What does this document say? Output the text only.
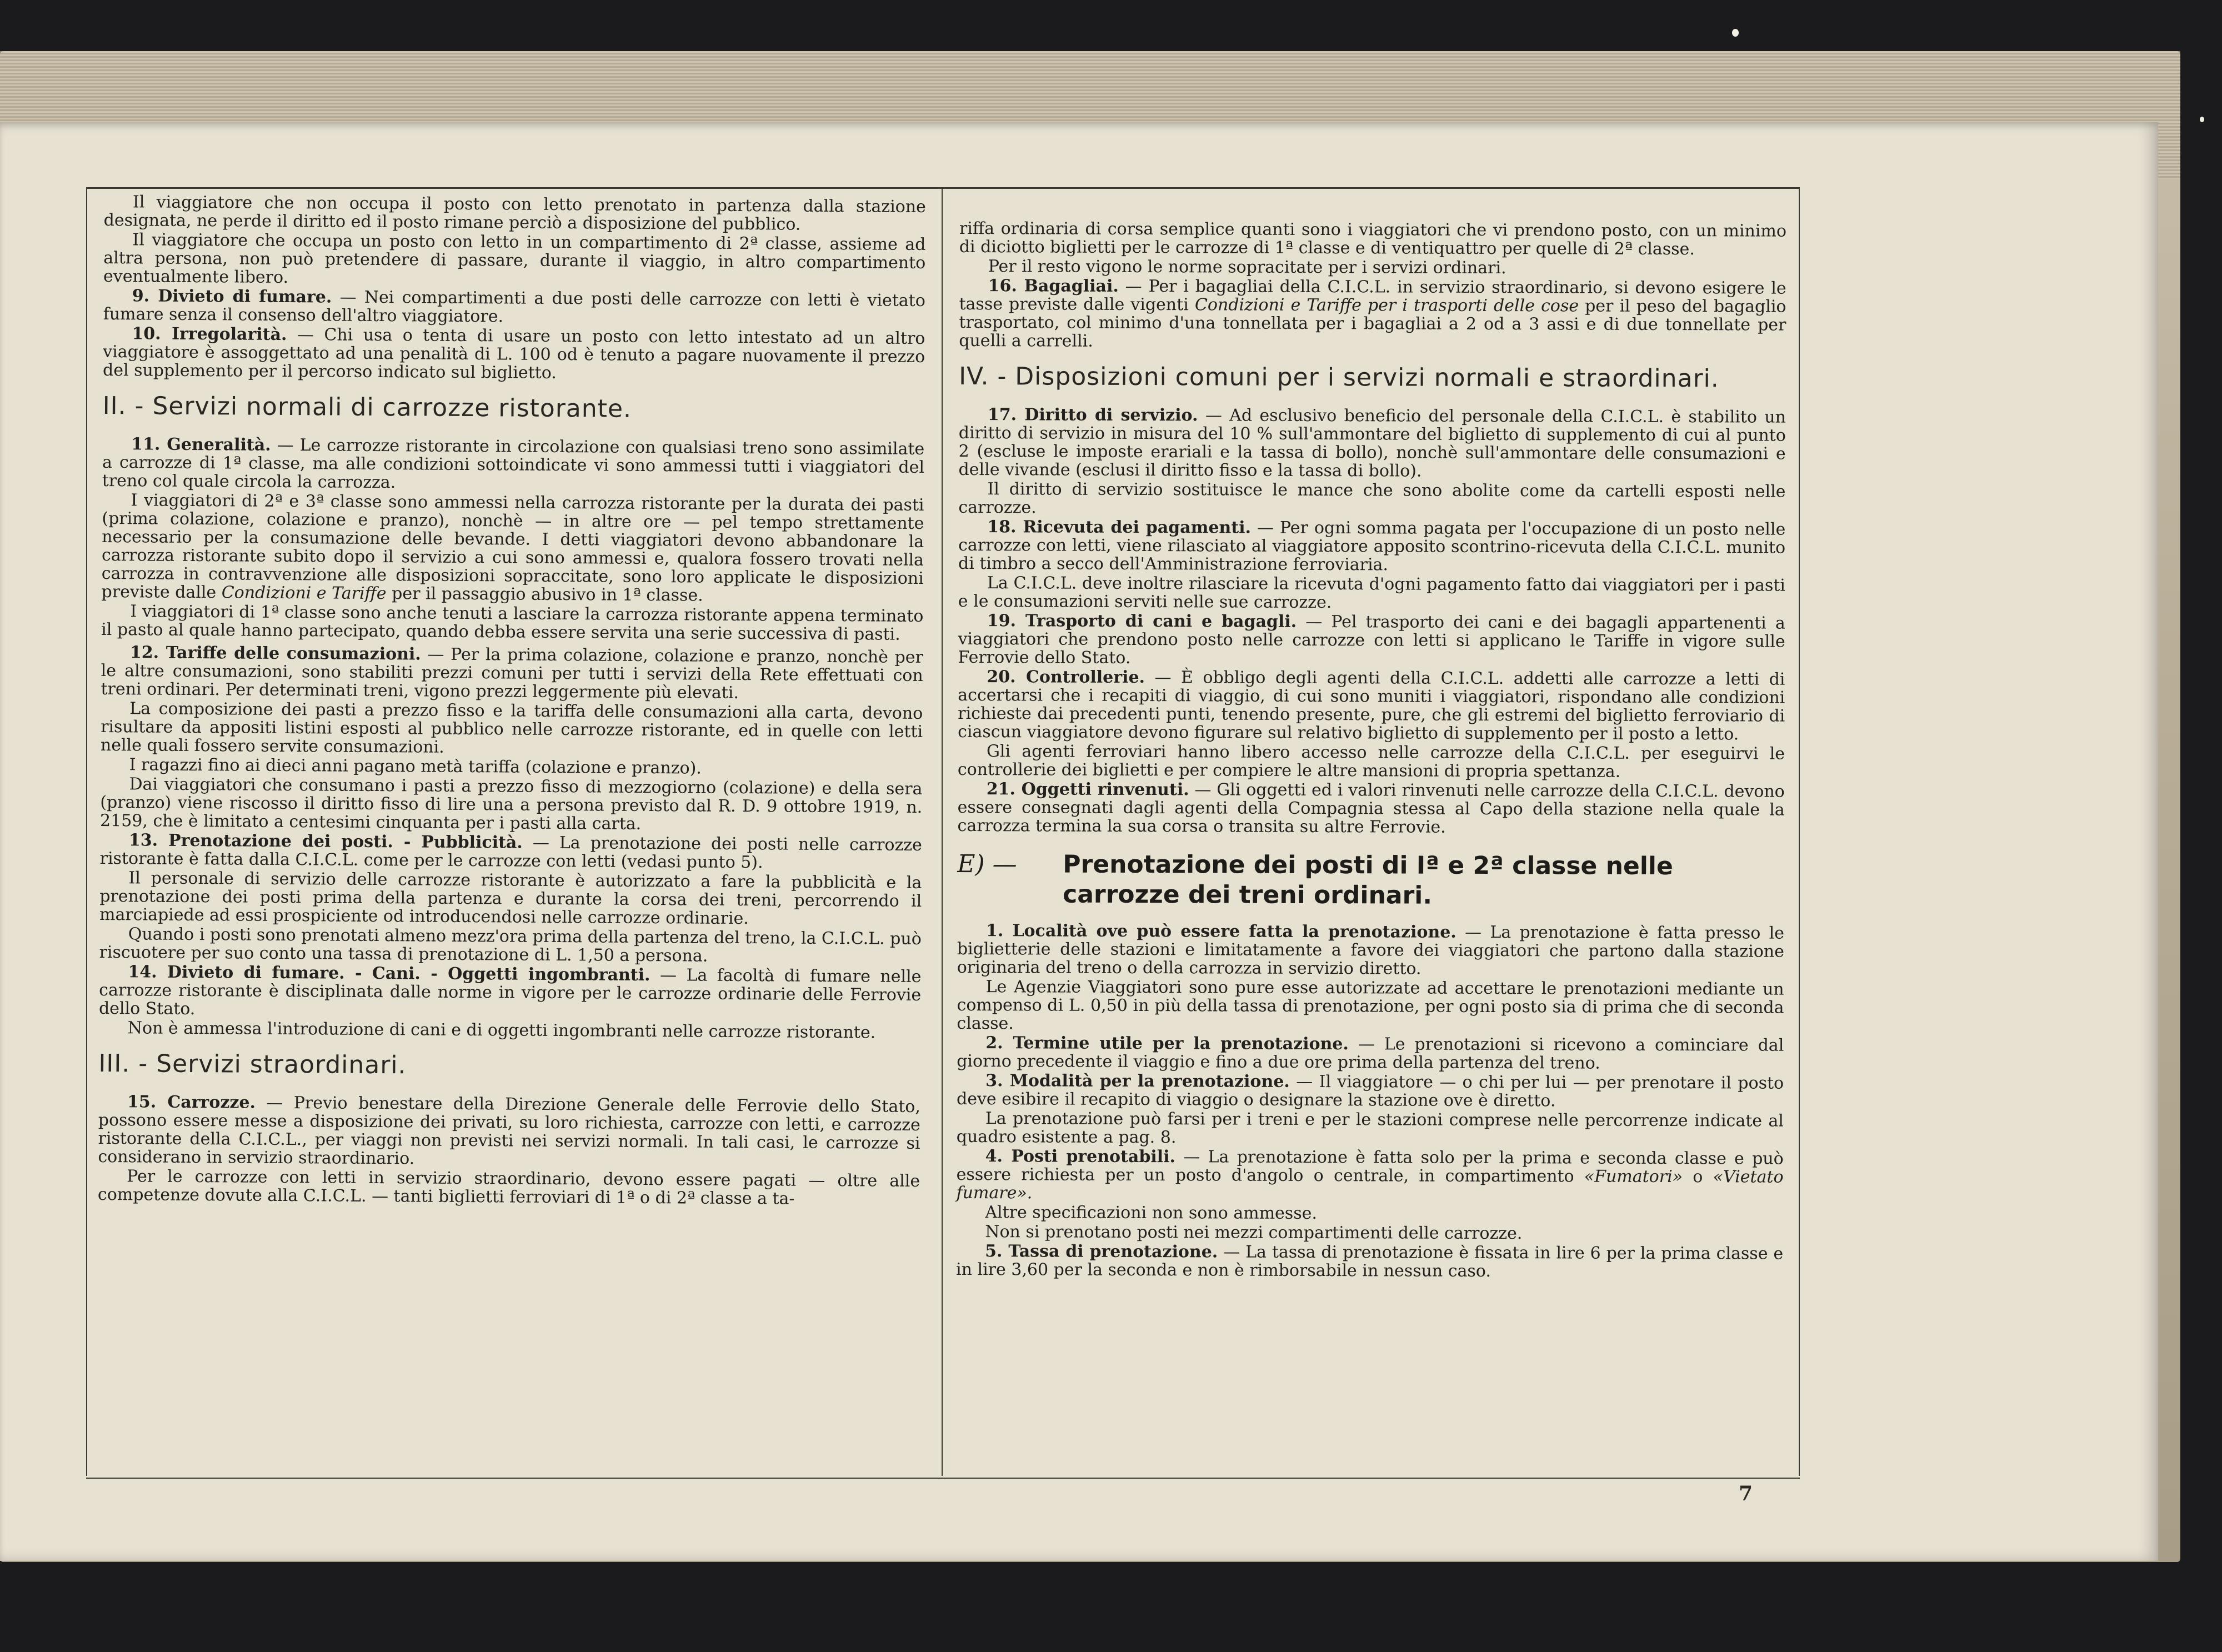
Il viaggiatore che non occupa il posto con letto prenotato in partenza dalla stazione designata, ne perde il diritto ed il posto rimane perciò a disposizione del pubblico.

Il viaggiatore che occupa un posto con letto in un compartimento di 2ª classe, assieme ad altra persona, non può pretendere di passare, durante il viaggio, in altro compartimento eventualmente libero.

9. Divieto di fumare. — Nei compartimenti a due posti delle carrozze con letti è vietato fumare senza il consenso dell'altro viaggiatore.

10. Irregolarità. — Chi usa o tenta di usare un posto con letto intestato ad un altro viaggiatore è assoggettato ad una penalità di L. 100 od è tenuto a pagare nuovamente il prezzo del supplemento per il percorso indicato sul biglietto.

II. - Servizi normali di carrozze ristorante.

11. Generalità. — Le carrozze ristorante in circolazione con qualsiasi treno sono assimilate a carrozze di 1ª classe, ma alle condizioni sottoindicate vi sono ammessi tutti i viaggiatori del treno col quale circola la carrozza.

I viaggiatori di 2ª e 3ª classe sono ammessi nella carrozza ristorante per la durata dei pasti (prima colazione, colazione e pranzo), nonchè — in altre ore — pel tempo strettamente necessario per la consumazione delle bevande. I detti viaggiatori devono abbandonare la carrozza ristorante subito dopo il servizio a cui sono ammessi e, qualora fossero trovati nella carrozza in contravvenzione alle disposizioni sopraccitate, sono loro applicate le disposizioni previste dalle Condizioni e Tariffe per il passaggio abusivo in 1ª classe.

I viaggiatori di 1ª classe sono anche tenuti a lasciare la carrozza ristorante appena terminato il pasto al quale hanno partecipato, quando debba essere servita una serie successiva di pasti.

12. Tariffe delle consumazioni. — Per la prima colazione, colazione e pranzo, nonchè per le altre consumazioni, sono stabiliti prezzi comuni per tutti i servizi della Rete effettuati con treni ordinari. Per determinati treni, vigono prezzi leggermente più elevati.

La composizione dei pasti a prezzo fisso e la tariffa delle consumazioni alla carta, devono risultare da appositi listini esposti al pubblico nelle carrozze ristorante, ed in quelle con letti nelle quali fossero servite consumazioni.

I ragazzi fino ai dieci anni pagano metà tariffa (colazione e pranzo).

Dai viaggiatori che consumano i pasti a prezzo fisso di mezzogiorno (colazione) e della sera (pranzo) viene riscosso il diritto fisso di lire una a persona previsto dal R. D. 9 ottobre 1919, n. 2159, che è limitato a centesimi cinquanta per i pasti alla carta.

13. Prenotazione dei posti. - Pubblicità. — La prenotazione dei posti nelle carrozze ristorante è fatta dalla C.I.C.L. come per le carrozze con letti (vedasi punto 5).

Il personale di servizio delle carrozze ristorante è autorizzato a fare la pubblicità e la prenotazione dei posti prima della partenza e durante la corsa dei treni, percorrendo il marciapiede ad essi prospiciente od introducendosi nelle carrozze ordinarie.

Quando i posti sono prenotati almeno mezz'ora prima della partenza del treno, la C.I.C.L. può riscuotere per suo conto una tassa di prenotazione di L. 1,50 a persona.

14. Divieto di fumare. - Cani. - Oggetti ingombranti. — La facoltà di fumare nelle carrozze ristorante è disciplinata dalle norme in vigore per le carrozze ordinarie delle Ferrovie dello Stato.

Non è ammessa l'introduzione di cani e di oggetti ingombranti nelle carrozze ristorante.

III. - Servizi straordinari.

15. Carrozze. — Previo benestare della Direzione Generale delle Ferrovie dello Stato, possono essere messe a disposizione dei privati, su loro richiesta, carrozze con letti, e carrozze ristorante della C.I.C.L., per viaggi non previsti nei servizi normali. In tali casi, le carrozze si considerano in servizio straordinario.

Per le carrozze con letti in servizio straordinario, devono essere pagati — oltre alle competenze dovute alla C.I.C.L. — tanti biglietti ferroviari di 1ª o di 2ª classe a ta-

riffa ordinaria di corsa semplice quanti sono i viaggiatori che vi prendono posto, con un minimo di diciotto biglietti per le carrozze di 1ª classe e di ventiquattro per quelle di 2ª classe.

Per il resto vigono le norme sopracitate per i servizi ordinari.

16. Bagagliai. — Per i bagagliai della C.I.C.L. in servizio straordinario, si devono esigere le tasse previste dalle vigenti Condizioni e Tariffe per i trasporti delle cose per il peso del bagaglio trasportato, col minimo d'una tonnellata per i bagagliai a 2 od a 3 assi e di due tonnellate per quelli a carrelli.

IV. - Disposizioni comuni per i servizi normali e straordinari.

17. Diritto di servizio. — Ad esclusivo beneficio del personale della C.I.C.L. è stabilito un diritto di servizio in misura del 10 % sull'ammontare del biglietto di supplemento di cui al punto 2 (escluse le imposte erariali e la tassa di bollo), nonchè sull'ammontare delle consumazioni e delle vivande (esclusi il diritto fisso e la tassa di bollo).

Il diritto di servizio sostituisce le mance che sono abolite come da cartelli esposti nelle carrozze.

18. Ricevuta dei pagamenti. — Per ogni somma pagata per l'occupazione di un posto nelle carrozze con letti, viene rilasciato al viaggiatore apposito scontrino-ricevuta della C.I.C.L. munito di timbro a secco dell'Amministrazione ferroviaria.

La C.I.C.L. deve inoltre rilasciare la ricevuta d'ogni pagamento fatto dai viaggiatori per i pasti e le consumazioni serviti nelle sue carrozze.

19. Trasporto di cani e bagagli. — Pel trasporto dei cani e dei bagagli appartenenti a viaggiatori che prendono posto nelle carrozze con letti si applicano le Tariffe in vigore sulle Ferrovie dello Stato.

20. Controllerie. — È obbligo degli agenti della C.I.C.L. addetti alle carrozze a letti di accertarsi che i recapiti di viaggio, di cui sono muniti i viaggiatori, rispondano alle condizioni richieste dai precedenti punti, tenendo presente, pure, che gli estremi del biglietto ferroviario di ciascun viaggiatore devono figurare sul relativo biglietto di supplemento per il posto a letto.

Gli agenti ferroviari hanno libero accesso nelle carrozze della C.I.C.L. per eseguirvi le controllerie dei biglietti e per compiere le altre mansioni di propria spettanza.

21. Oggetti rinvenuti. — Gli oggetti ed i valori rinvenuti nelle carrozze della C.I.C.L. devono essere consegnati dagli agenti della Compagnia stessa al Capo della stazione nella quale la carrozza termina la sua corsa o transita su altre Ferrovie.

E) —	Prenotazione dei posti di Iª e 2ª classe nelle carrozze dei treni ordinari.

1. Località ove può essere fatta la prenotazione. — La prenotazione è fatta presso le biglietterie delle stazioni e limitatamente a favore dei viaggiatori che partono dalla stazione originaria del treno o della carrozza in servizio diretto.

Le Agenzie Viaggiatori sono pure esse autorizzate ad accettare le prenotazioni mediante un compenso di L. 0,50 in più della tassa di prenotazione, per ogni posto sia di prima che di seconda classe.

2. Termine utile per la prenotazione. — Le prenotazioni si ricevono a cominciare dal giorno precedente il viaggio e fino a due ore prima della partenza del treno.

3. Modalità per la prenotazione. — Il viaggiatore — o chi per lui — per prenotare il posto deve esibire il recapito di viaggio o designare la stazione ove è diretto.

La prenotazione può farsi per i treni e per le stazioni comprese nelle percorrenze indicate al quadro esistente a pag. 8.

4. Posti prenotabili. — La prenotazione è fatta solo per la prima e seconda classe e può essere richiesta per un posto d'angolo o centrale, in compartimento «Fumatori» o «Vietato fumare».

Altre specificazioni non sono ammesse.

Non si prenotano posti nei mezzi compartimenti delle carrozze.

5. Tassa di prenotazione. — La tassa di prenotazione è fissata in lire 6 per la prima classe e in lire 3,60 per la seconda e non è rimborsabile in nessun caso.

7
